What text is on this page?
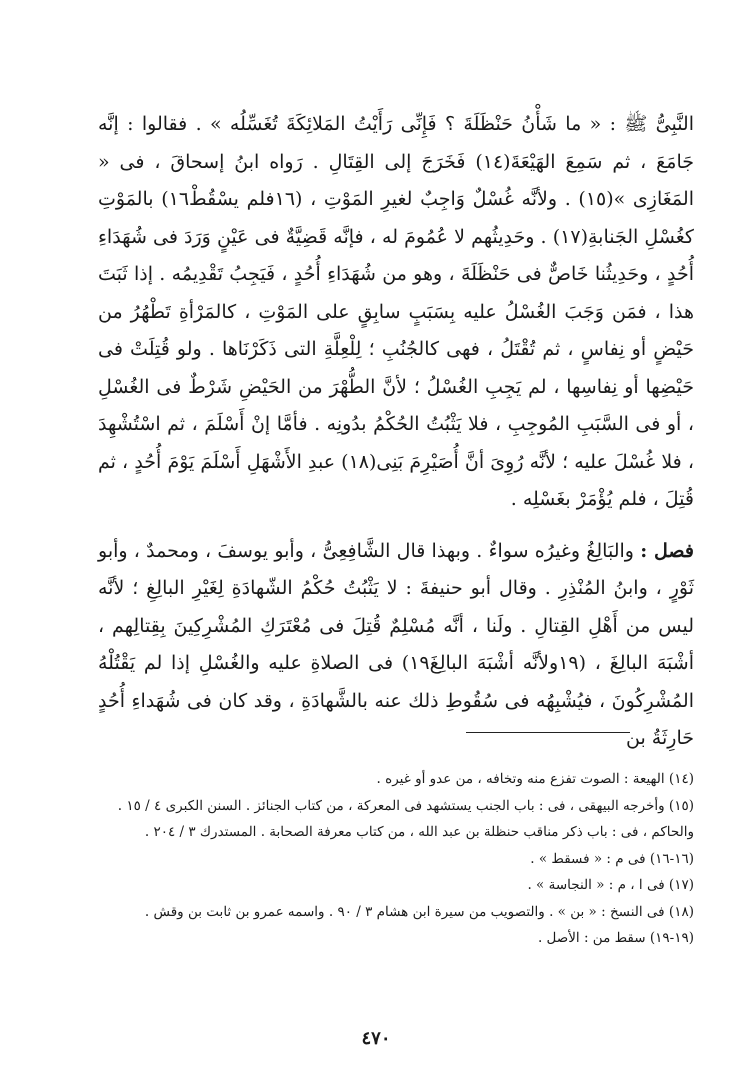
النَّبِىُّ ﷺ : « ما شَأْنُ حَنْظَلَةَ ؟ فَإِنِّى رَأَيْتُ المَلائِكَةَ تُغَسِّلُه » . فقالوا : إنَّه جَامَعَ ، ثم سَمِعَ الهَيْعَةَ(١٤) فَخَرَجَ إلى القِتَالِ . رَواه ابنُ إسحاقَ ، فى « المَغَازِى »(١٥) . ولأنَّه غُسْلٌ وَاجِبٌ لغيرِ المَوْتِ ، (١٦فلم يسْقُطْ١٦) بالمَوْتِ كغُسْلِ الجَنابةِ(١٧) . وحَدِيثُهم لا عُمُومَ له ، فإنَّه قَضِيَّةٌ فى عَيْنٍ وَرَدَ فى شُهَدَاءِ أُحُدٍ ، وحَدِيثُنا خَاصٌّ فى حَنْظَلَةَ ، وهو من شُهَدَاءِ أُحُدٍ ، فَيَجِبُ تَقْدِيمُه . إذا ثَبَتَ هذا ، فمَن وَجَبَ الغُسْلُ عليه بِسَبَبٍ سابِقٍ على المَوْتِ ، كالمَرْأةِ تَطْهُرُ من حَيْضٍ أو نِفاسٍ ، ثم تُقْتَلُ ، فهى كالجُنُبِ ؛ لِلْعِلَّةِ التى ذَكَرْنَاها . ولو قُتِلَتْ فى حَيْضِها أو نِفاسِها ، لم يَجِبِ الغُسْلُ ؛ لأنَّ الطُّهْرَ من الحَيْضِ شَرْطٌ فى الغُسْلِ ، أو فى السَّبَبِ المُوجِبِ ، فلا يَثْبُتُ الحُكْمُ بدُونِه . فأمَّا إنْ أَسْلَمَ ، ثم اسْتُشْهِدَ ، فلا غُسْلَ عليه ؛ لأنَّه رُوِىَ أنَّ أُصَيْرِمَ بَنِى(١٨) عبدِ الأَشْهَلِ أَسْلَمَ يَوْمَ أُحُدٍ ، ثم قُتِلَ ، فلم يُؤْمَرْ بغَسْلِه .

فصل : والبَالِغُ وغيرُه سواءٌ . وبهذا قال الشَّافِعِىُّ ، وأبو يوسفَ ، ومحمدٌ ، وأبو ثَوْرٍ ، وابنُ المُنْذِرِ . وقال أبو حنيفةَ : لا يَثْبُتُ حُكْمُ الشّهادَةِ لِغَيْرِ البالِغِ ؛ لأنَّه ليس من أَهْلِ القِتالِ . ولَنا ، أنَّه مُسْلِمٌ قُتِلَ فى مُعْتَرَكِ المُشْرِكِينَ بِقِتالِهم ، أشْبَهَ البالِغَ ، (١٩ولأنَّه أشْبَهَ البالِغَ١٩) فى الصلاةِ عليه والغُسْلِ إذا لم يَقْتُلْهُ المُشْرِكُونَ ، فيُشْبِهُه فى سُقُوطِ ذلك عنه بالشَّهادَةِ ، وقد كان فى شُهَداءِ أُحُدٍ حَارِثَةُ بن

(١٤) الهيعة : الصوت تفزع منه وتخافه ، من عدو أو غيره .

(١٥) وأخرجه البيهقى ، فى : باب الجنب يستشهد فى المعركة ، من كتاب الجنائز . السنن الكبرى ٤ / ١٥ .

والحاكم ، فى : باب ذكر مناقب حنظلة بن عبد الله ، من كتاب معرفة الصحابة . المستدرك ٣ / ٢٠٤ .

(١٦-١٦) فى م : « فسقط » .

(١٧) فى ا ، م : « النجاسة » .

(١٨) فى النسخ : « بن » . والتصويب من سيرة ابن هشام ٣ / ٩٠ . واسمه عمرو بن ثابت بن وقش .

(١٩-١٩) سقط من : الأصل .

٤٧٠
